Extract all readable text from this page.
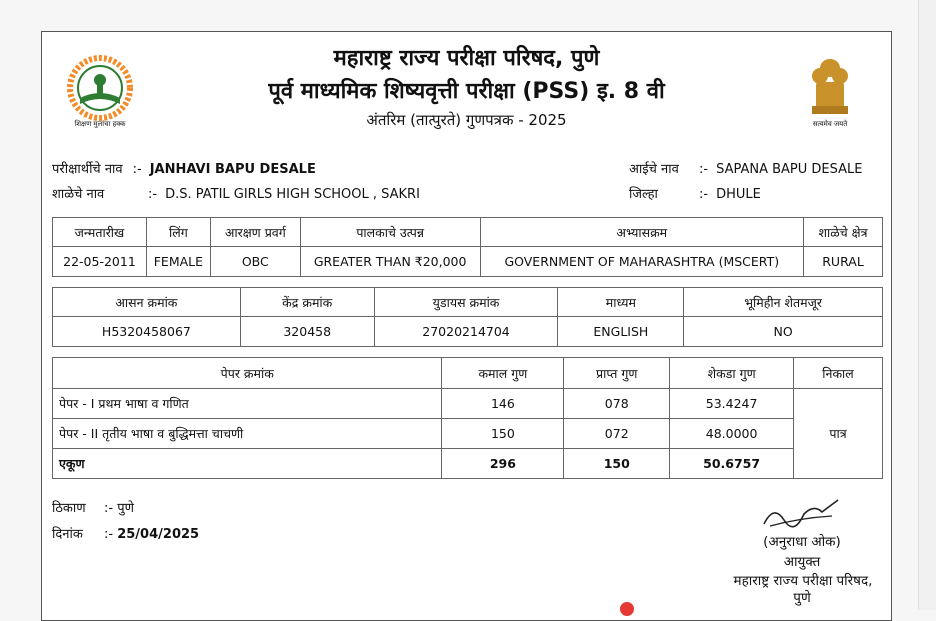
शिक्षण मुलांचा हक्क
महाराष्ट्र राज्य परीक्षा परिषद, पुणे
पूर्व माध्यमिक शिष्यवृत्ती परीक्षा (PSS) इ. 8 वी
अंतरिम (तात्पुरते) गुणपत्रक - 2025	सत्यमेव जयते
परीक्षार्थीचे नाव :- JANHAVI BAPU DESALE
शाळेचे नाव	:- D.S. PATIL GIRLS HIGH SCHOOL , SAKRI
आईचे नाव :- SAPANA BAPU DESALE
जिल्हा	:- DHULE
जन्मतारीख	लिंग	आरक्षण प्रवर्ग	पालकाचे उत्पन्न	अभ्यासक्रम	शाळेचे क्षेत्र
22-05-2011	FEMALE	OBC	GREATER THAN ₹20,000	GOVERNMENT OF MAHARASHTRA (MSCERT)	RURAL
आसन क्रमांक	केंद्र क्रमांक	युडायस क्रमांक	माध्यम	भूमिहीन शेतमजूर
H5320458067	320458	27020214704	ENGLISH	NO
पेपर क्रमांक	कमाल गुण	प्राप्त गुण	शेकडा गुण	निकाल
पेपर - I प्रथम भाषा व गणित	146	078	53.4247	पात्र
पेपर - II तृतीय भाषा व बुद्धिमत्ता चाचणी	150	072	48.0000	
एकूण	296	150	50.6757	
ठिकाण :- पुणे
दिनांक :- 25/04/2025	(अनुराधा ओक)
आयुक्त
महाराष्ट्र राज्य परीक्षा परिषद,
पुणे
